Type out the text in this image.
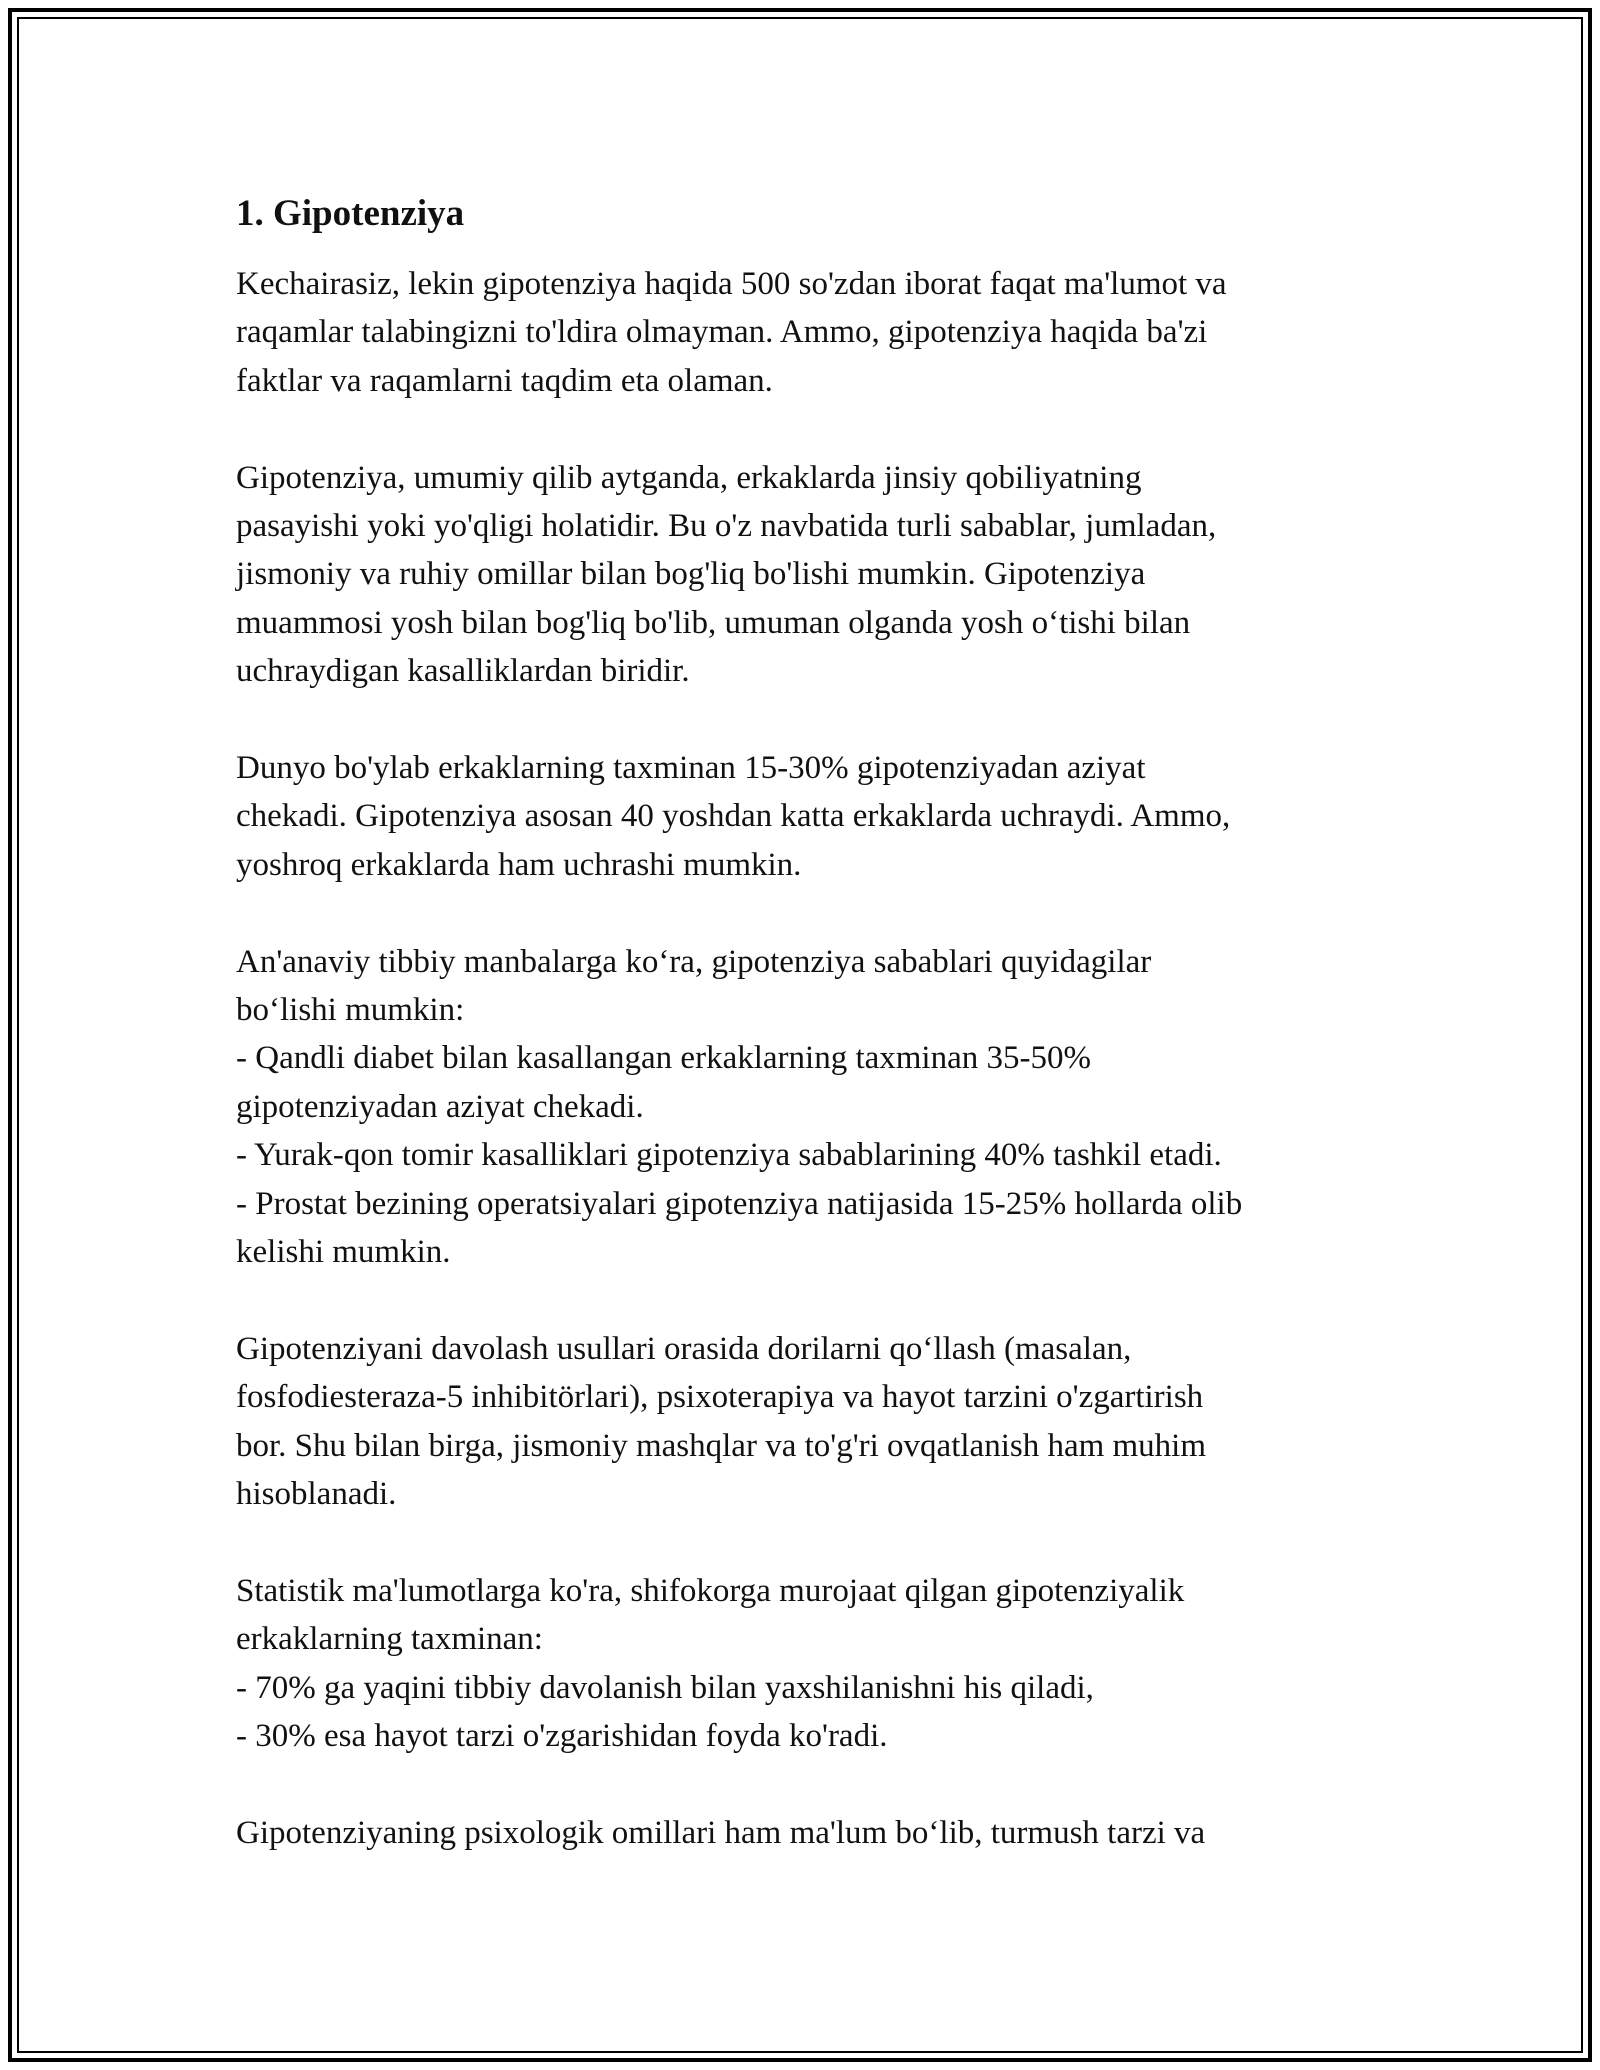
1. Gipotenziya
Kechairasiz, lekin gipotenziya haqida 500 so'zdan iborat faqat ma'lumot va
raqamlar talabingizni to'ldira olmayman. Ammo, gipotenziya haqida ba'zi
faktlar va raqamlarni taqdim eta olaman.
Gipotenziya, umumiy qilib aytganda, erkaklarda jinsiy qobiliyatning
pasayishi yoki yo'qligi holatidir. Bu o'z navbatida turli sabablar, jumladan,
jismoniy va ruhiy omillar bilan bog'liq bo'lishi mumkin. Gipotenziya
muammosi yosh bilan bog'liq bo'lib, umuman olganda yosh o‘tishi bilan
uchraydigan kasalliklardan biridir.
Dunyo bo'ylab erkaklarning taxminan 15-30% gipotenziyadan aziyat
chekadi. Gipotenziya asosan 40 yoshdan katta erkaklarda uchraydi. Ammo,
yoshroq erkaklarda ham uchrashi mumkin.
An'anaviy tibbiy manbalarga ko‘ra, gipotenziya sabablari quyidagilar
bo‘lishi mumkin:
- Qandli diabet bilan kasallangan erkaklarning taxminan 35-50%
gipotenziyadan aziyat chekadi.
- Yurak-qon tomir kasalliklari gipotenziya sabablarining 40% tashkil etadi.
- Prostat bezining operatsiyalari gipotenziya natijasida 15-25% hollarda olib
kelishi mumkin.
Gipotenziyani davolash usullari orasida dorilarni qo‘llash (masalan,
fosfodiesteraza-5 inhibitörlari), psixoterapiya va hayot tarzini o'zgartirish
bor. Shu bilan birga, jismoniy mashqlar va to'g'ri ovqatlanish ham muhim
hisoblanadi.
Statistik ma'lumotlarga ko'ra, shifokorga murojaat qilgan gipotenziyalik
erkaklarning taxminan:
- 70% ga yaqini tibbiy davolanish bilan yaxshilanishni his qiladi,
- 30% esa hayot tarzi o'zgarishidan foyda ko'radi.
Gipotenziyaning psixologik omillari ham ma'lum bo‘lib, turmush tarzi va
